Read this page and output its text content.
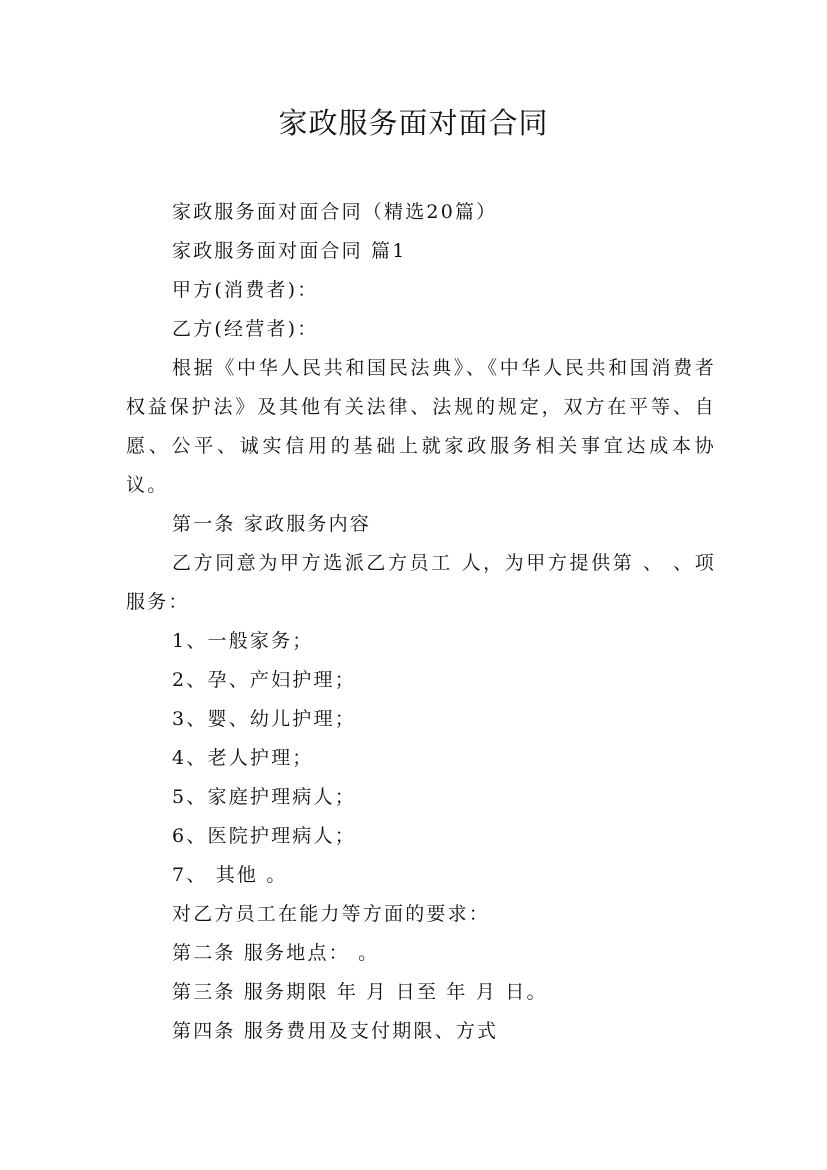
家政服务面对面合同

家政服务面对面合同（精选20篇）

家政服务面对面合同 篇1

甲方(消费者)：

乙方(经营者)：

根据《中华人民共和国民法典》、《中华人民共和国消费者权益保护法》及其他有关法律、法规的规定，双方在平等、自愿、公平、诚实信用的基础上就家政服务相关事宜达成本协议。

第一条 家政服务内容

乙方同意为甲方选派乙方员工 人，为甲方提供第 、 、项服务：

1、一般家务；

2、孕、产妇护理；

3、婴、幼儿护理；

4、老人护理；

5、家庭护理病人；

6、医院护理病人；

7、 其他 。

对乙方员工在能力等方面的要求：

第二条 服务地点： 。

第三条 服务期限 年 月 日至 年 月 日。

第四条 服务费用及支付期限、方式
